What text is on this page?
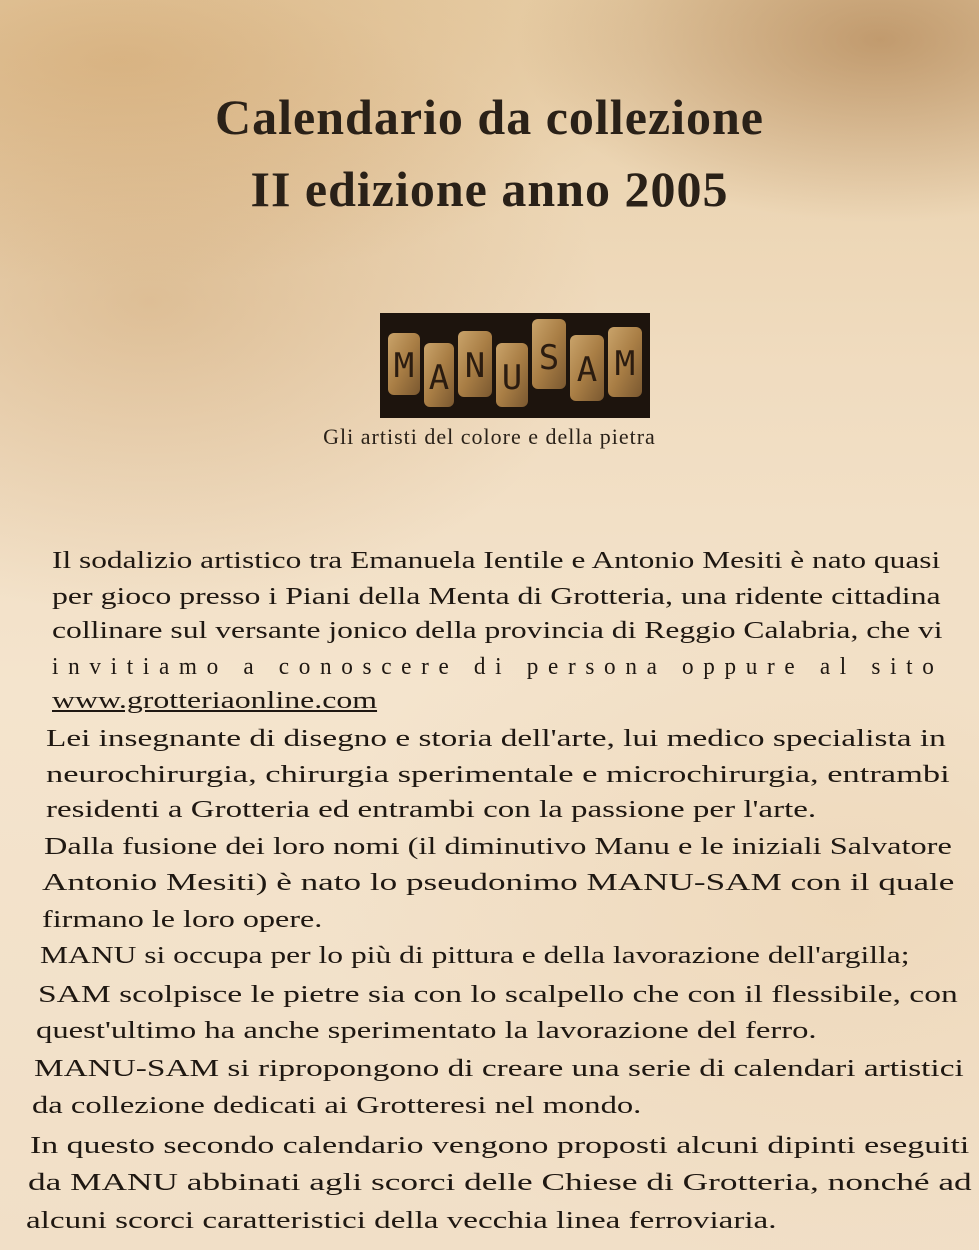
Calendario da collezione
II edizione anno 2005
M A N U S A M
Gli artisti del colore e della pietra

Il sodalizio artistico tra Emanuela Ientile e Antonio Mesiti è nato quasi

per gioco presso i Piani della Menta di Grotteria, una ridente cittadina

collinare sul versante jonico della provincia di Reggio Calabria, che vi

invitiamo a conoscere di persona oppure al sito

www.grotteriaonline.com

Lei insegnante di disegno e storia dell'arte, lui medico specialista in

neurochirurgia, chirurgia sperimentale e microchirurgia, entrambi

residenti a Grotteria ed entrambi con la passione per l'arte.

Dalla fusione dei loro nomi (il diminutivo Manu e le iniziali Salvatore

Antonio Mesiti) è nato lo pseudonimo MANU-SAM con il quale

firmano le loro opere.

MANU si occupa per lo più di pittura e della lavorazione dell'argilla;

SAM scolpisce le pietre sia con lo scalpello che con il flessibile, con

quest'ultimo ha anche sperimentato la lavorazione del ferro.

MANU-SAM si ripropongono di creare una serie di calendari artistici

da collezione dedicati ai Grotteresi nel mondo.

In questo secondo calendario vengono proposti alcuni dipinti eseguiti

da MANU abbinati agli scorci delle Chiese di Grotteria, nonché ad

alcuni scorci caratteristici della vecchia linea ferroviaria.
